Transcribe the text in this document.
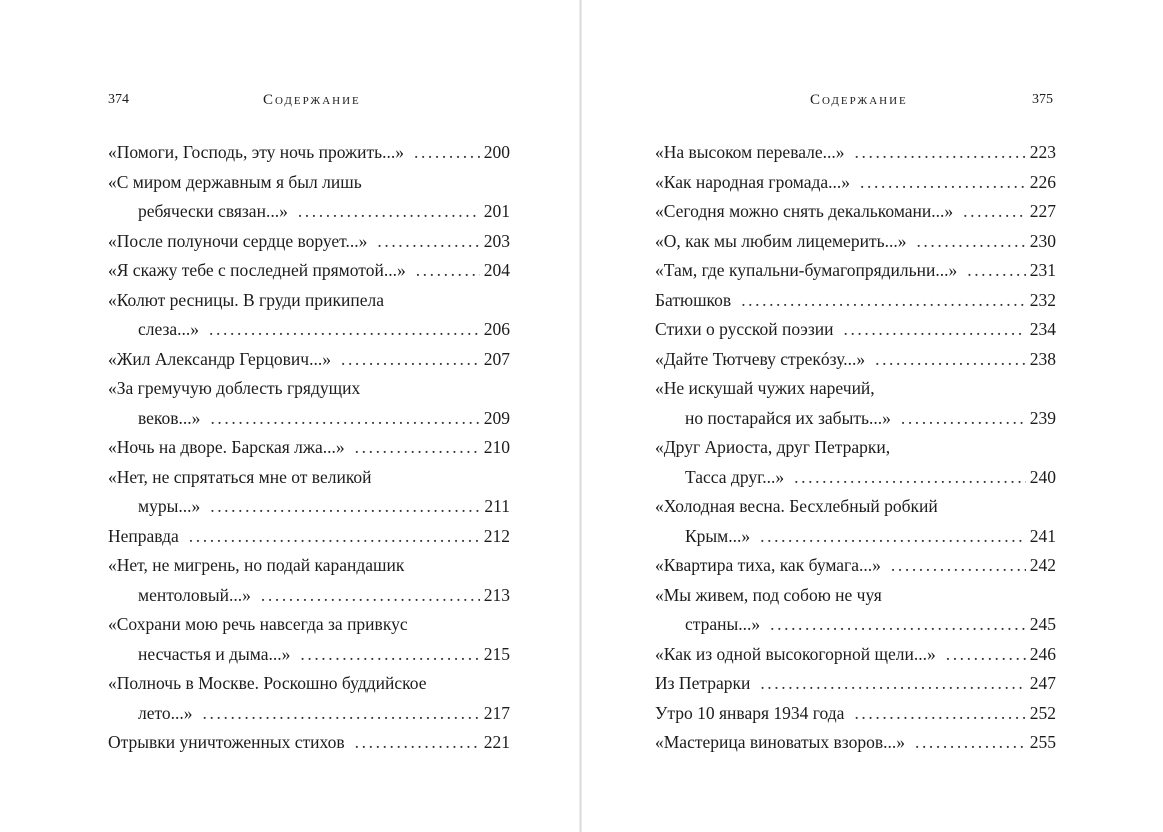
374	Содержание
«Помоги, Господь, эту ночь прожить...» .....	200
«С миром державным я был лишь
ребячески связан...» .....	201
«После полуночи сердце ворует...» .....	203
«Я скажу тебе с последней прямотой...» .....	204
«Колют ресницы. В груди прикипела
слеза...» .....	206
«Жил Александр Герцович...» .....	207
«За гремучую доблесть грядущих
веков...» .....	209
«Ночь на дворе. Барская лжа...» .....	210
«Нет, не спрятаться мне от великой
муры...» .....	211
Неправда .....	212
«Нет, не мигрень, но подай карандашик
ментоловый...» .....	213
«Сохрани мою речь навсегда за привкус
несчастья и дыма...» .....	215
«Полночь в Москве. Роскошно буддийское
лето...» .....	217
Отрывки уничтоженных стихов .....	221
Содержание	375
«На высоком перевале...» .....	223
«Как народная громада...» .....	226
«Сегодня можно снять декалькомани...» .....	227
«О, как мы любим лицемерить...» .....	230
«Там, где купальни-бумагопрядильни...» .....	231
Батюшков .....	232
Стихи о русской поэзии .....	234
«Дайте Тютчеву стрекóзу...» .....	238
«Не искушай чужих наречий,
но постарайся их забыть...» .....	239
«Друг Ариоста, друг Петрарки,
Тасса друг...» .....	240
«Холодная весна. Бесхлебный робкий
Крым...» .....	241
«Квартира тиха, как бумага...» .....	242
«Мы живем, под собою не чуя
страны...» .....	245
«Как из одной высокогорной щели...» .....	246
Из Петрарки .....	247
Утро 10 января 1934 года .....	252
«Мастерица виноватых взоров...» .....	255
